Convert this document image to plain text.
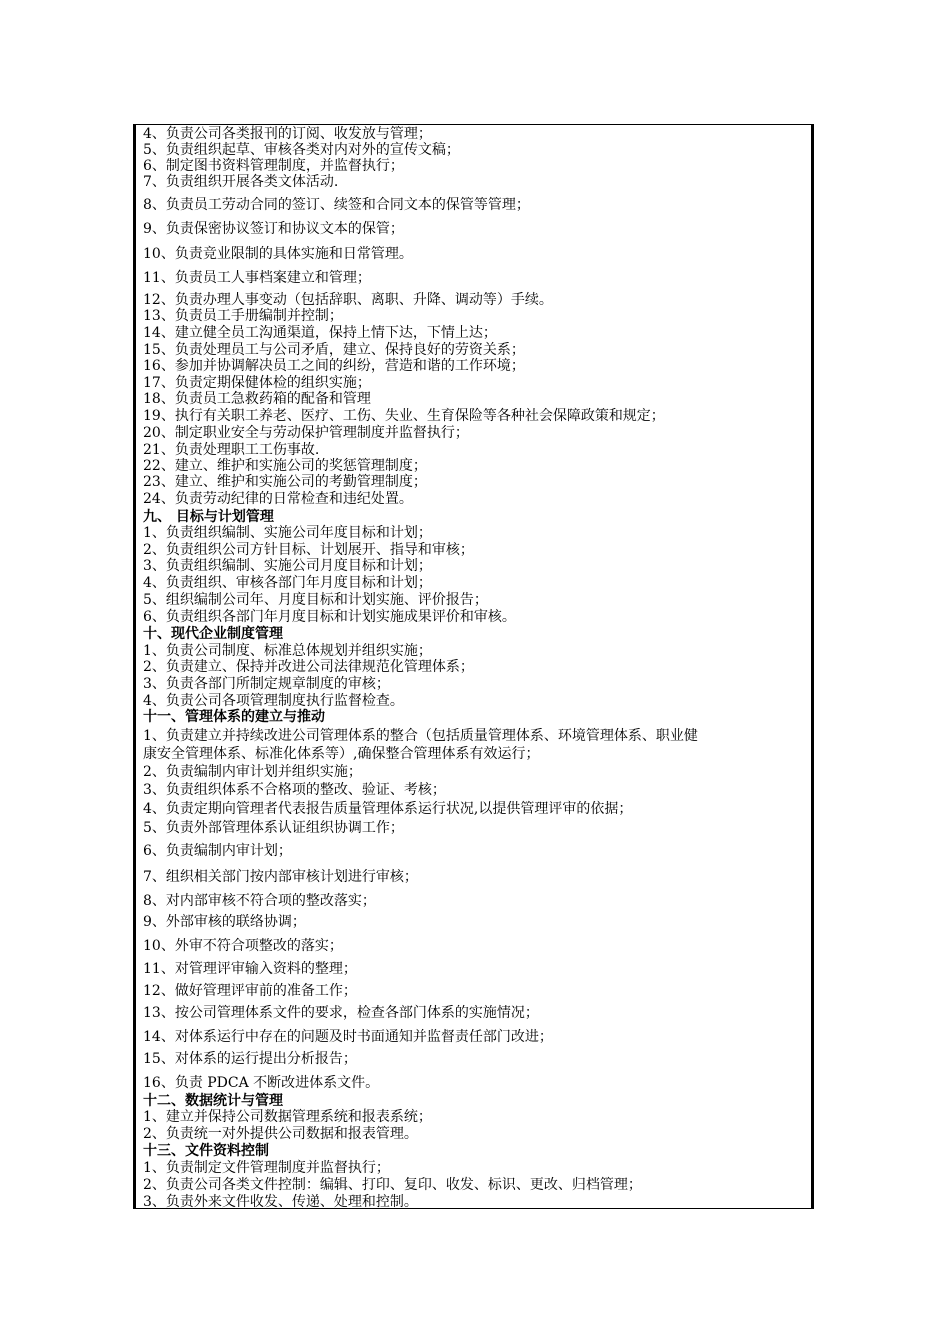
4、负责公司各类报刊的订阅、收发放与管理；
5、负责组织起草、审核各类对内对外的宣传文稿；
6、制定图书资料管理制度，并监督执行；
7、负责组织开展各类文体活动.
8、负责员工劳动合同的签订、续签和合同文本的保管等管理；
9、负责保密协议签订和协议文本的保管；
10、负责竞业限制的具体实施和日常管理。
11、负责员工人事档案建立和管理；
12、负责办理人事变动（包括辞职、离职、升降、调动等）手续。
13、负责员工手册编制并控制；
14、建立健全员工沟通渠道，保持上情下达，下情上达；
15、负责处理员工与公司矛盾，建立、保持良好的劳资关系；
16、参加并协调解决员工之间的纠纷，营造和谐的工作环境；
17、负责定期保健体检的组织实施；
18、负责员工急救药箱的配备和管理
19、执行有关职工养老、医疗、工伤、失业、生育保险等各种社会保障政策和规定；
20、制定职业安全与劳动保护管理制度并监督执行；
21、负责处理职工工伤事故.
22、建立、维护和实施公司的奖惩管理制度；
23、建立、维护和实施公司的考勤管理制度；
24、负责劳动纪律的日常检查和违纪处置。
九、 目标与计划管理
1、负责组织编制、实施公司年度目标和计划；
2、负责组织公司方针目标、计划展开、指导和审核；
3、负责组织编制、实施公司月度目标和计划；
4、负责组织、审核各部门年月度目标和计划；
5、组织编制公司年、月度目标和计划实施、评价报告；
6、负责组织各部门年月度目标和计划实施成果评价和审核。
十、现代企业制度管理
1、负责公司制度、标准总体规划并组织实施；
2、负责建立、保持并改进公司法律规范化管理体系；
3、负责各部门所制定规章制度的审核；
4、负责公司各项管理制度执行监督检查。
十一、管理体系的建立与推动
1、负责建立并持续改进公司管理体系的整合（包括质量管理体系、环境管理体系、职业健
康安全管理体系、标准化体系等）,确保整合管理体系有效运行；
2、负责编制内审计划并组织实施；
3、负责组织体系不合格项的整改、验证、考核；
4、负责定期向管理者代表报告质量管理体系运行状况,以提供管理评审的依据；
5、负责外部管理体系认证组织协调工作；
6、负责编制内审计划；
7、组织相关部门按内部审核计划进行审核；
8、对内部审核不符合项的整改落实；
9、外部审核的联络协调；
10、外审不符合项整改的落实；
11、对管理评审输入资料的整理；
12、做好管理评审前的准备工作；
13、按公司管理体系文件的要求，检查各部门体系的实施情况；
14、对体系运行中存在的问题及时书面通知并监督责任部门改进；
15、对体系的运行提出分析报告；
16、负责 PDCA 不断改进体系文件。
十二、数据统计与管理
1、建立并保持公司数据管理系统和报表系统；
2、负责统一对外提供公司数据和报表管理。
十三、文件资料控制
1、负责制定文件管理制度并监督执行；
2、负责公司各类文件控制：编辑、打印、复印、收发、标识、更改、归档管理；
3、负责外来文件收发、传递、处理和控制。
